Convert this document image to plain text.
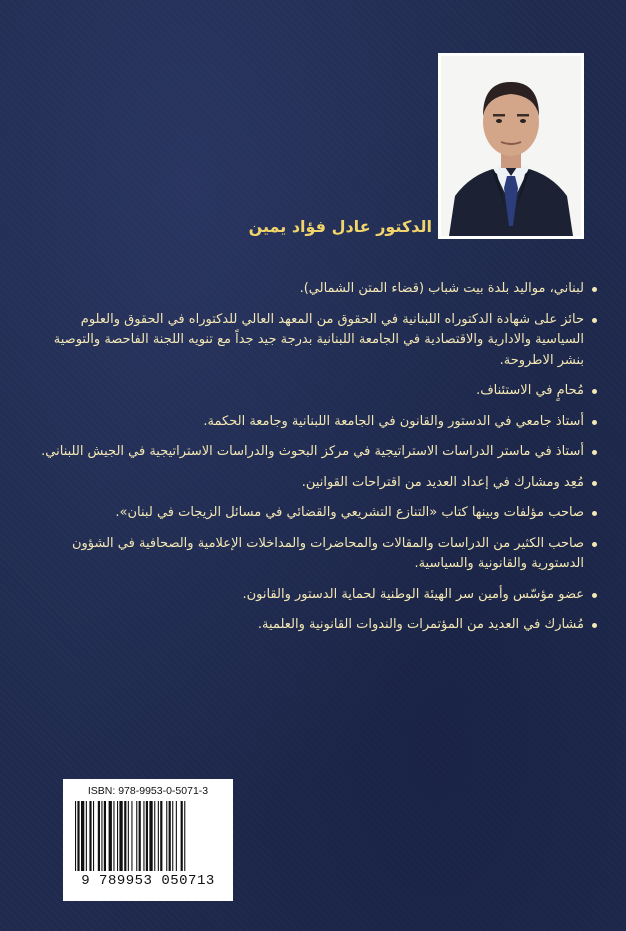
الدكتور عادل فؤاد يمين
لبناني، مواليد بلدة بيت شباب (قضاء المتن الشمالي).
حائز على شهادة الدكتوراه اللبنانية في الحقوق من المعهد العالي للدكتوراه في الحقوق والعلوم السياسية والادارية والاقتصادية في الجامعة اللبنانية بدرجة جيد جداً مع تنويه اللجنة الفاحصة والتوصية بنشر الاطروحة.
مُحامٍ في الاستئناف.
أستاذ جامعي في الدستور والقانون في الجامعة اللبنانية وجامعة الحكمة.
أستاذ في ماستر الدراسات الاستراتيجية في مركز البحوث والدراسات الاستراتيجية في الجيش اللبناني.
مُعِد ومشارك في إعداد العديد من اقتراحات القوانين.
صاحب مؤلفات وبينها كتاب «التنازع التشريعي والقضائي في مسائل الزيجات في لبنان».
صاحب الكثير من الدراسات والمقالات والمحاضرات والمداخلات الإعلامية والصحافية في الشؤون الدستورية والقانونية والسياسية.
عضو مؤسّس وأمين سر الهيئة الوطنية لحماية الدستور والقانون.
مُشارك في العديد من المؤتمرات والندوات القانونية والعلمية.
ISBN: 978-9953-0-5071-3
9 789953 050713
